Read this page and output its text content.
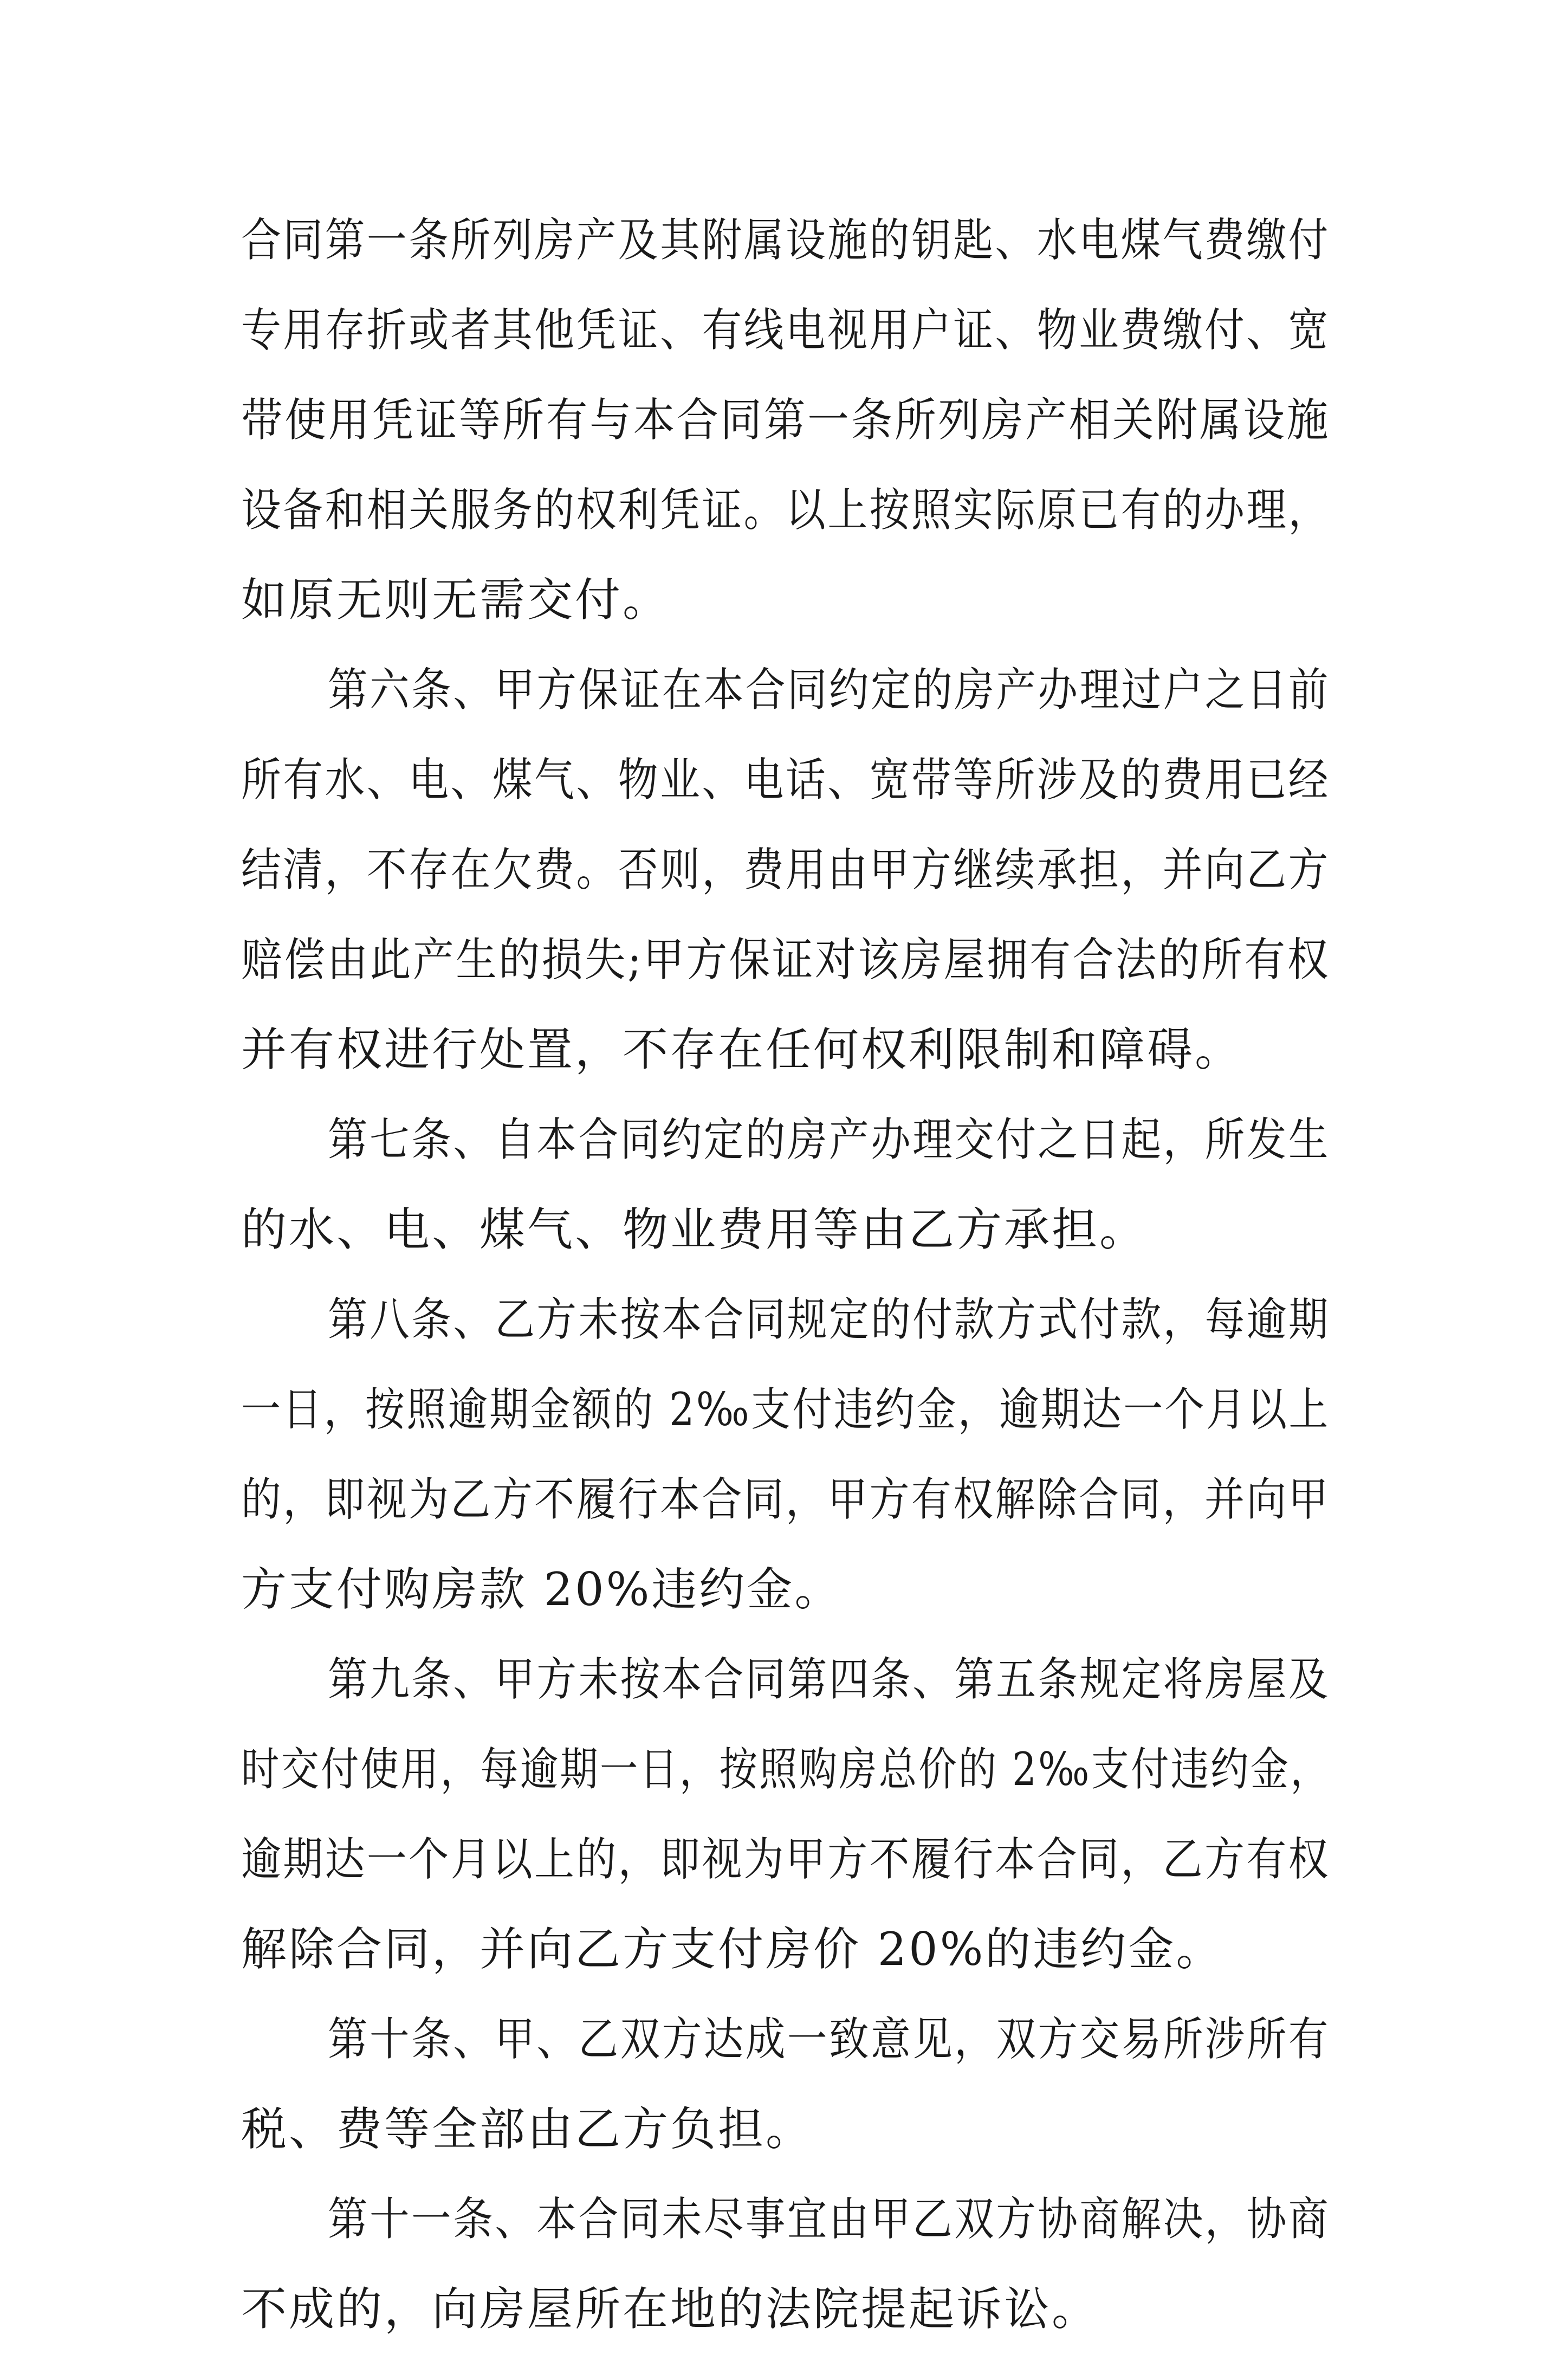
合同第一条所列房产及其附属设施的钥匙、水电煤气费缴付
专用存折或者其他凭证、有线电视用户证、物业费缴付、宽
带使用凭证等所有与本合同第一条所列房产相关附属设施
设备和相关服务的权利凭证。以上按照实际原已有的办理，
如原无则无需交付。
第六条、甲方保证在本合同约定的房产办理过户之日前
所有水、电、煤气、物业、电话、宽带等所涉及的费用已经
结清，不存在欠费。否则，费用由甲方继续承担，并向乙方
赔偿由此产生的损失;甲方保证对该房屋拥有合法的所有权
并有权进行处置，不存在任何权利限制和障碍。
第七条、自本合同约定的房产办理交付之日起，所发生
的水、电、煤气、物业费用等由乙方承担。
第八条、乙方未按本合同规定的付款方式付款，每逾期
一日，按照逾期金额的 2‰支付违约金，逾期达一个月以上
的，即视为乙方不履行本合同，甲方有权解除合同，并向甲
方支付购房款 20%违约金。
第九条、甲方未按本合同第四条、第五条规定将房屋及
时交付使用，每逾期一日，按照购房总价的 2‰支付违约金，
逾期达一个月以上的，即视为甲方不履行本合同，乙方有权
解除合同，并向乙方支付房价 20%的违约金。
第十条、甲、乙双方达成一致意见，双方交易所涉所有
税、费等全部由乙方负担。
第十一条、本合同未尽事宜由甲乙双方协商解决，协商
不成的，向房屋所在地的法院提起诉讼。
